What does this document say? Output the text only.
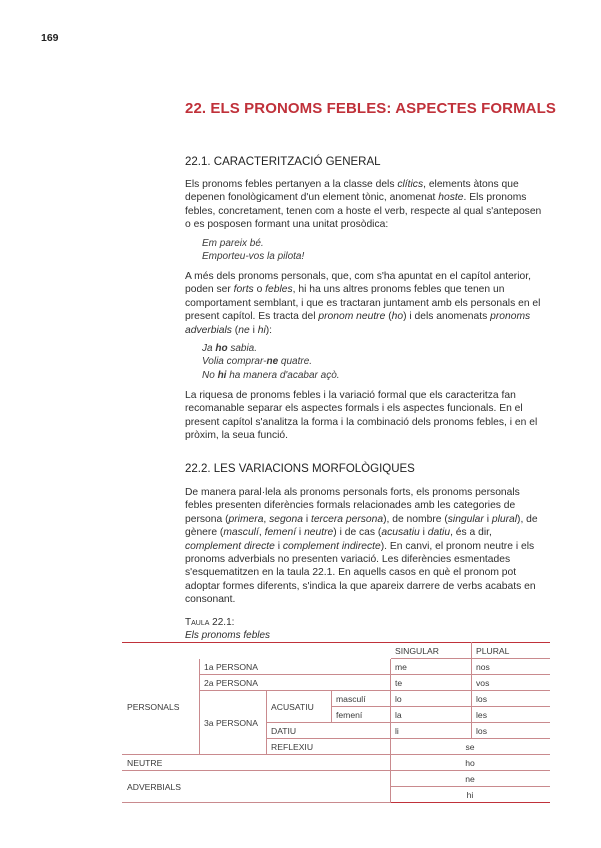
169
22. ELS PRONOMS FEBLES: ASPECTES FORMALS
22.1. CARACTERITZACIÓ GENERAL
Els pronoms febles pertanyen a la classe dels clítics, elements àtons que depenen fonològicament d'un element tònic, anomenat hoste. Els pronoms febles, concretament, tenen com a hoste el verb, respecte al qual s'anteposen o es posposen formant una unitat prosòdica:
Em pareix bé.
Emporteu-vos la pilota!
A més dels pronoms personals, que, com s'ha apuntat en el capítol anterior, poden ser forts o febles, hi ha uns altres pronoms febles que tenen un comportament semblant, i que es tractaran juntament amb els personals en el present capítol. Es tracta del pronom neutre (ho) i dels anomenats pronoms adverbials (ne i hi):
Ja ho sabia.
Volia comprar-ne quatre.
No hi ha manera d'acabar açò.
La riquesa de pronoms febles i la variació formal que els caracteritza fan recomanable separar els aspectes formals i els aspectes funcionals. En el present capítol s'analitza la forma i la combinació dels pronoms febles, i en el pròxim, la seua funció.
22.2. LES VARIACIONS MORFOLÒGIQUES
De manera paral·lela als pronoms personals forts, els pronoms personals febles presenten diferències formals relacionades amb les categories de persona (primera, segona i tercera persona), de nombre (singular i plural), de gènere (masculí, femení i neutre) i de cas (acusatiu i datiu, és a dir, complement directe i complement indirecte). En canvi, el pronom neutre i els pronoms adverbials no presenten variació. Les diferències esmentades s'esquematitzen en la taula 22.1. En aquells casos en què el pronom pot adoptar formes diferents, s'indica la que apareix darrere de verbs acabats en consonant.
Taula 22.1:
Els pronoms febles
				SINGULAR	PLURAL
PERSONALS	1a PERSONA			me	nos
	2a PERSONA			te	vos
	3a PERSONA	ACUSATIU	masculí	lo	los
			femení	la	les
		DATIU		li	los
		REFLEXIU		se	
NEUTRE				ho	
ADVERBIALS				ne	
				hi	
